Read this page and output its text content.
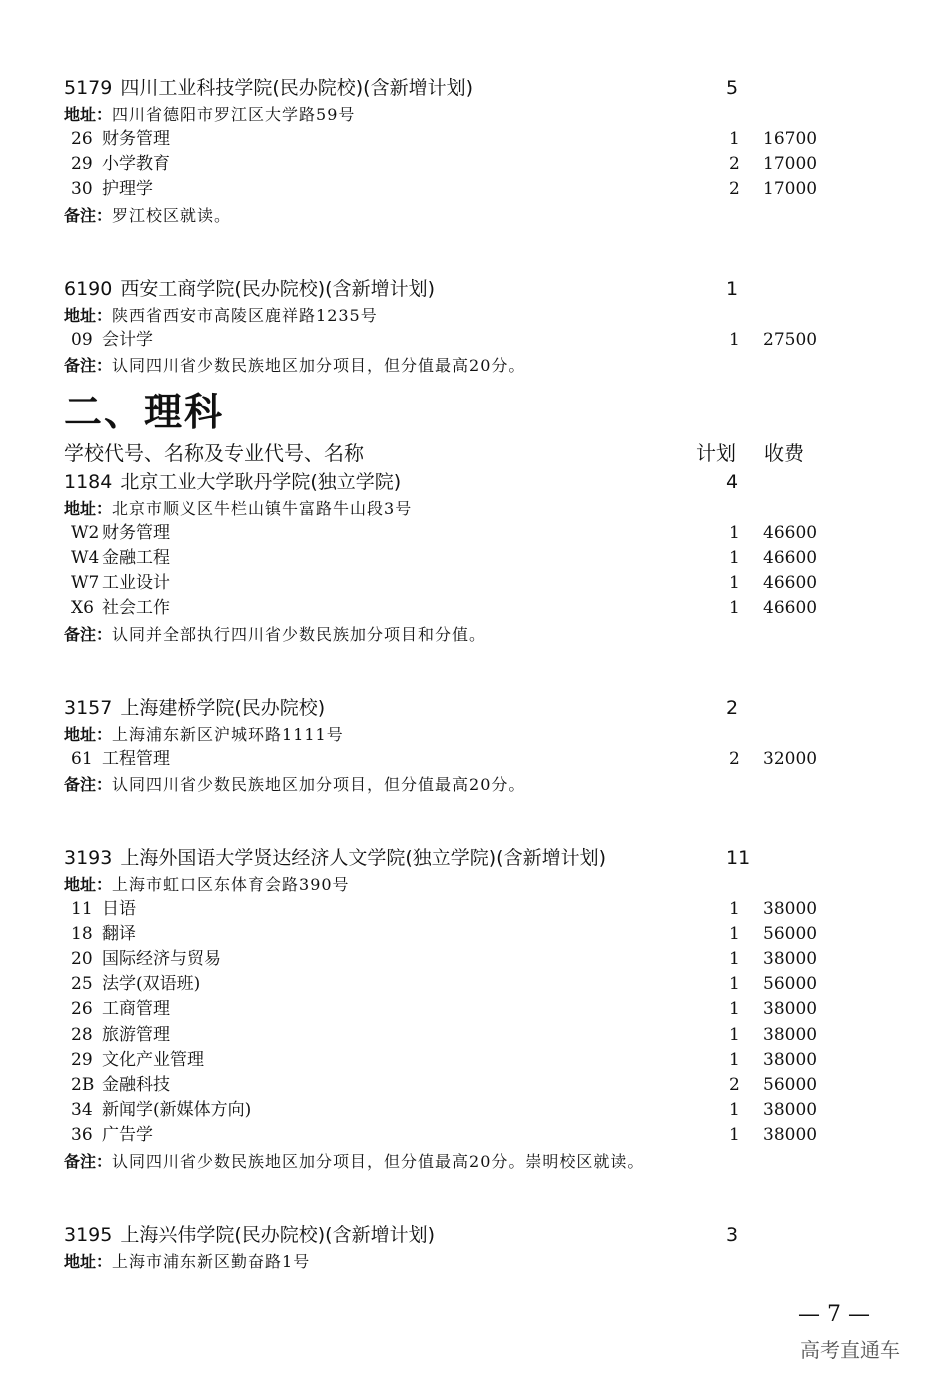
5179 四川工业科技学院(民办院校)(含新增计划)	5
地址：四川省德阳市罗江区大学路59号
26 财务管理	1 16700
29 小学教育	2 17000
30 护理学	2 17000
备注：罗江校区就读。
6190 西安工商学院(民办院校)(含新增计划)	1
地址：陕西省西安市高陵区鹿祥路1235号
09 会计学	1 27500
备注：认同四川省少数民族地区加分项目，但分值最高20分。
二、理科
学校代号、名称及专业代号、名称	计划 收费
1184 北京工业大学耿丹学院(独立学院)	4
地址：北京市顺义区牛栏山镇牛富路牛山段3号
W2 财务管理	1 46600
W4 金融工程	1 46600
W7 工业设计	1 46600
X6 社会工作	1 46600
备注：认同并全部执行四川省少数民族加分项目和分值。
3157 上海建桥学院(民办院校)	2
地址：上海浦东新区沪城环路1111号
61 工程管理	2 32000
备注：认同四川省少数民族地区加分项目，但分值最高20分。
3193 上海外国语大学贤达经济人文学院(独立学院)(含新增计划)	11
地址：上海市虹口区东体育会路390号
11 日语	1 38000
18 翻译	1 56000
20 国际经济与贸易	1 38000
25 法学(双语班)	1 56000
26 工商管理	1 38000
28 旅游管理	1 38000
29 文化产业管理	1 38000
2B 金融科技	2 56000
34 新闻学(新媒体方向)	1 38000
36 广告学	1 38000
备注：认同四川省少数民族地区加分项目，但分值最高20分。崇明校区就读。
3195 上海兴伟学院(民办院校)(含新增计划)	3
地址：上海市浦东新区勤奋路1号
— 7 —
高考直通车
